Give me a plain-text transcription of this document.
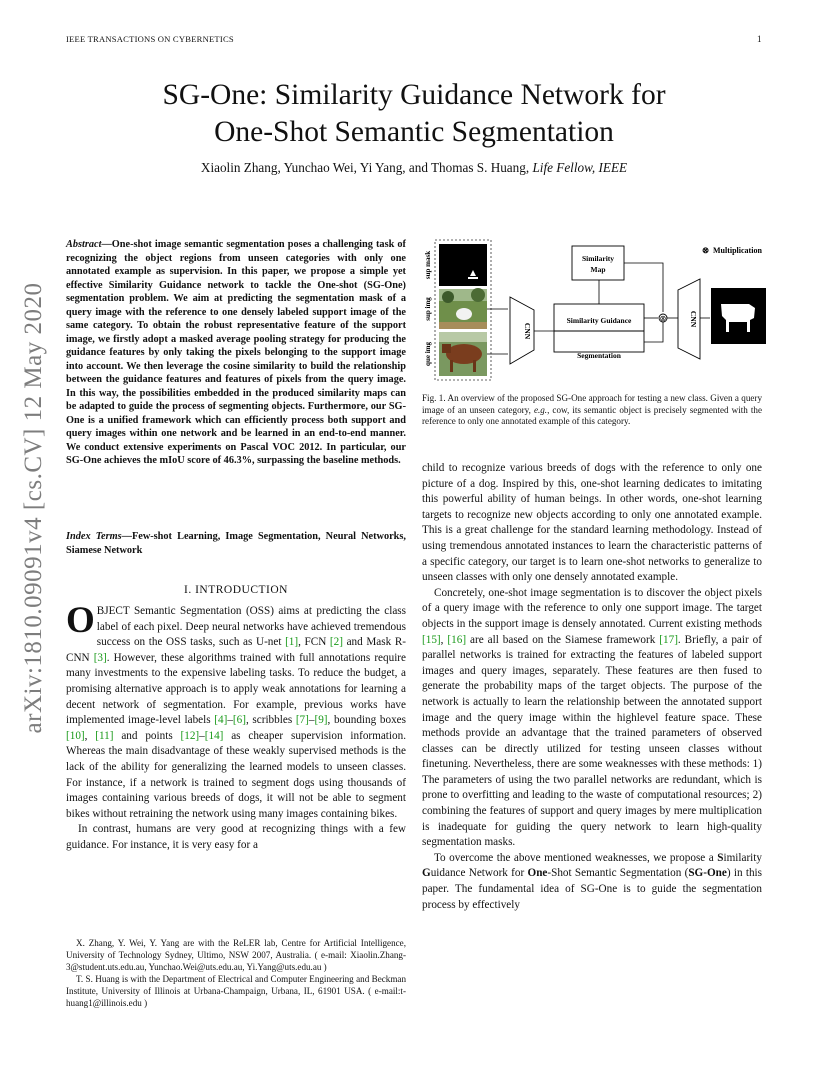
IEEE TRANSACTIONS ON CYBERNETICS	1
SG-One: Similarity Guidance Network for
One-Shot Semantic Segmentation
Xiaolin Zhang, Yunchao Wei, Yi Yang, and Thomas S. Huang, Life Fellow, IEEE
arXiv:1810.09091v4 [cs.CV] 12 May 2020
Abstract—One-shot image semantic segmentation poses a challenging task of recognizing the object regions from unseen categories with only one annotated example as supervision. In this paper, we propose a simple yet effective Similarity Guidance network to tackle the One-shot (SG-One) segmentation problem. We aim at predicting the segmentation mask of a query image with the reference to one densely labeled support image of the same category. To obtain the robust representative feature of the support image, we firstly adopt a masked average pooling strategy for producing the guidance features by only taking the pixels belonging to the support image into account. We then leverage the cosine similarity to build the relationship between the guidance features and features of pixels from the query image. In this way, the possibilities embedded in the produced similarity maps can be adapted to guide the process of segmenting objects. Furthermore, our SG-One is a unified framework which can efficiently process both support and query images within one network and be learned in an end-to-end manner. We conduct extensive experiments on Pascal VOC 2012. In particular, our SG-One achieves the mIoU score of 46.3%, surpassing the baseline methods.
Index Terms—Few-shot Learning, Image Segmentation, Neural Networks, Siamese Network
I. INTRODUCTION

OBJECT Semantic Segmentation (OSS) aims at predicting the class label of each pixel. Deep neural networks have achieved tremendous success on the OSS tasks, such as U-net [1], FCN [2] and Mask R-CNN [3]. However, these algorithms trained with full annotations require many investments to the expensive labeling tasks. To reduce the budget, a promising alternative approach is to apply weak annotations for learning a decent network of segmentation. For example, previous works have implemented image-level labels [4]–[6], scribbles [7]–[9], bounding boxes [10], [11] and points [12]–[14] as cheaper supervision information. Whereas the main disadvantage of these weakly supervised methods is the lack of the ability for generalizing the learned models to unseen classes. For instance, if a network is trained to segment dogs using thousands of images containing various breeds of dogs, it will not be able to segment bikes without retraining the network using many images containing bikes.

In contrast, humans are very good at recognizing things with a few guidance. For instance, it is very easy for a

X. Zhang, Y. Wei, Y. Yang are with the ReLER lab, Centre for Artificial Intelligence, University of Technology Sydney, Ultimo, NSW 2007, Australia. ( e-mail: Xiaolin.Zhang-3@student.uts.edu.au, Yunchao.Wei@uts.edu.au, Yi.Yang@uts.edu.au )

T. S. Huang is with the Department of Electrical and Computer Engineering and Beckman Institute, University of Illinois at Urbana-Champaign, Urbana, IL, 61901 USA. ( e-mail:t-huang1@illinois.edu )

⊗ Multiplication
sup mask
sup img
que img
CNN
Similarity
Map
Similarity Guidance
Segmentation
⊗	CNN
Fig. 1. An overview of the proposed SG-One approach for testing a new class. Given a query image of an unseen category, e.g., cow, its semantic object is precisely segmented with the reference to only one annotated example of this category.

child to recognize various breeds of dogs with the reference to only one picture of a dog. Inspired by this, one-shot learning dedicates to imitating this powerful ability of human beings. In other words, one-shot learning targets to recognize new objects according to only one annotated example. This is a great challenge for the standard learning methodology. Instead of using tremendous annotated instances to learn the characteristic patterns of a specific category, our target is to learn one-shot networks to generalize to unseen classes with only one densely annotated example.

Concretely, one-shot image segmentation is to discover the object pixels of a query image with the reference to only one support image. The target objects in the support image is densely annotated. Current existing methods [15], [16] are all based on the Siamese framework [17]. Briefly, a pair of parallel networks is trained for extracting the features of labeled support images and query images, separately. These features are then fused to generate the probability maps of the target objects. The purpose of the network is actually to learn the relationship between the annotated support image and the query image within the highlevel feature space. These methods provide an advantage that the trained parameters of observed classes can be directly utilized for testing unseen classes without finetuning. Nevertheless, there are some weaknesses with these methods: 1) The parameters of using the two parallel networks are redundant, which is prone to overfitting and leading to the waste of computational resources; 2) combining the features of support and query images by mere multiplication is inadequate for guiding the query network to learn high-quality segmentation masks.

To overcome the above mentioned weaknesses, we propose a Similarity Guidance Network for One-Shot Semantic Segmentation (SG-One) in this paper. The fundamental idea of SG-One is to guide the segmentation process by effectively
